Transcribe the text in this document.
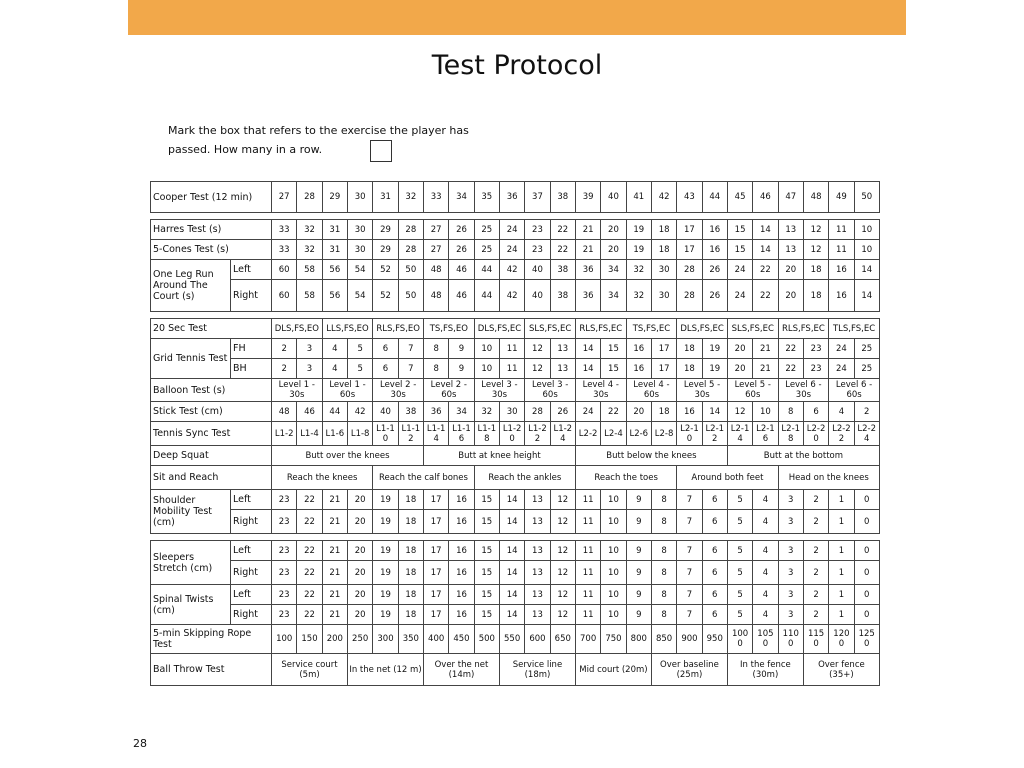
Test Protocol
Mark the box that refers to the exercise the player has
passed. How many in a row.
Cooper Test (12 min)		27	28	29	30	31	32	33	34	35	36	37	38	39	40	41	42	43	44	45	46	47	48	49	50

Harres Test (s)		33	32	31	30	29	28	27	26	25	24	23	22	21	20	19	18	17	16	15	14	13	12	11	10
5-Cones Test (s)		33	32	31	30	29	28	27	26	25	24	23	22	21	20	19	18	17	16	15	14	13	12	11	10
One Leg Run Around The Court (s)	Left	60	58	56	54	52	50	48	46	44	42	40	38	36	34	32	30	28	26	24	22	20	18	16	14
	Right	60	58	56	54	52	50	48	46	44	42	40	38	36	34	32	30	28	26	24	22	20	18	16	14

20 Sec Test		DLS,FS,EO		LLS,FS,EO		RLS,FS,EO		TS,FS,EO		DLS,FS,EC		SLS,FS,EC		RLS,FS,EC		TS,FS,EC		DLS,FS,EC		SLS,FS,EC		RLS,FS,EC		TLS,FS,EC	
Grid Tennis Test	FH	2	3	4	5	6	7	8	9	10	11	12	13	14	15	16	17	18	19	20	21	22	23	24	25
	BH	2	3	4	5	6	7	8	9	10	11	12	13	14	15	16	17	18	19	20	21	22	23	24	25
Balloon Test (s)		Level 1 - 30s		Level 1 - 60s		Level 2 - 30s		Level 2 - 60s		Level 3 - 30s		Level 3 - 60s		Level 4 - 30s		Level 4 - 60s		Level 5 - 30s		Level 5 - 60s		Level 6 - 30s		Level 6 - 60s	
Stick Test (cm)		48	46	44	42	40	38	36	34	32	30	28	26	24	22	20	18	16	14	12	10	8	6	4	2
Tennis Sync Test		L1-2	L1-4	L1-6	L1-8	L1-1 0	L1-1 2	L1-1 4	L1-1 6	L1-1 8	L1-2 0	L1-2 2	L1-2 4	L2-2	L2-4	L2-6	L2-8	L2-1 0	L2-1 2	L2-1 4	L2-1 6	L2-1 8	L2-2 0	L2-2 2	L2-2 4
Deep Squat		Butt over the knees						Butt at knee height						Butt below the knees						Butt at the bottom					
Sit and Reach		Reach the knees				Reach the calf bones				Reach the ankles				Reach the toes				Around both feet				Head on the knees			
Shoulder Mobility Test (cm)	Left	23	22	21	20	19	18	17	16	15	14	13	12	11	10	9	8	7	6	5	4	3	2	1	0
	Right	23	22	21	20	19	18	17	16	15	14	13	12	11	10	9	8	7	6	5	4	3	2	1	0

Sleepers Stretch (cm)	Left	23	22	21	20	19	18	17	16	15	14	13	12	11	10	9	8	7	6	5	4	3	2	1	0
	Right	23	22	21	20	19	18	17	16	15	14	13	12	11	10	9	8	7	6	5	4	3	2	1	0
Spinal Twists (cm)	Left	23	22	21	20	19	18	17	16	15	14	13	12	11	10	9	8	7	6	5	4	3	2	1	0
	Right	23	22	21	20	19	18	17	16	15	14	13	12	11	10	9	8	7	6	5	4	3	2	1	0
5-min Skipping Rope Test		100	150	200	250	300	350	400	450	500	550	600	650	700	750	800	850	900	950	100 0	105 0	110 0	115 0	120 0	125 0
Ball Throw Test		Service court (5m)			In the net (12 m)			Over the net (14m)			Service line (18m)			Mid court (20m)			Over baseline (25m)			In the fence (30m)			Over fence (35+)		
28
